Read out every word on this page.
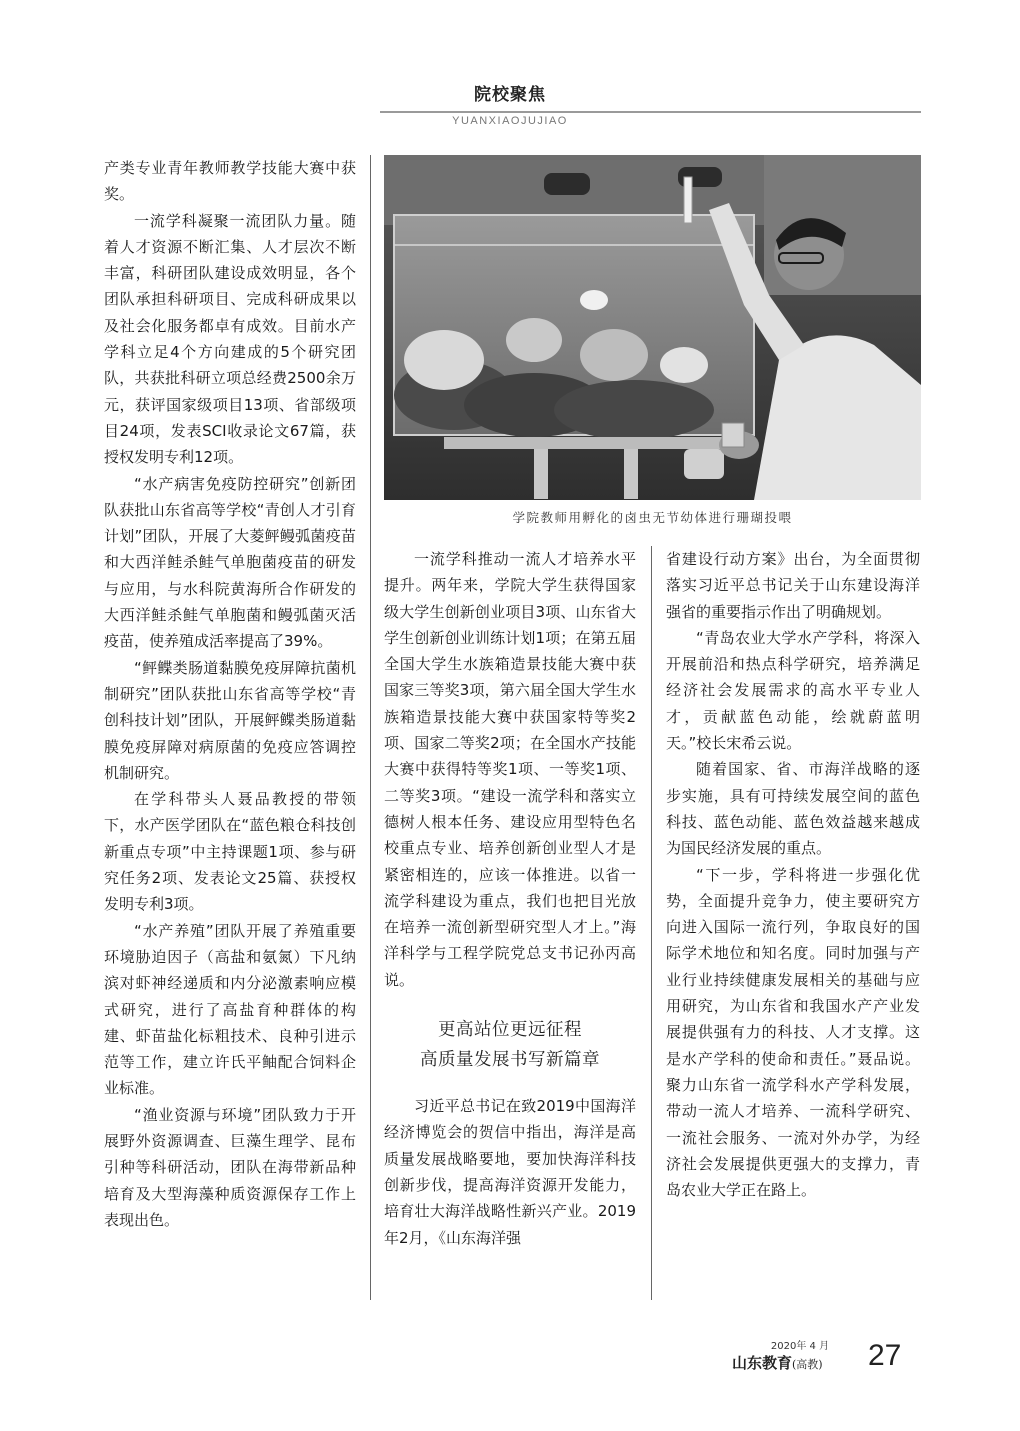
院校聚焦
YUANXIAOJUJIAO

产类专业青年教师教学技能大赛中获奖。

一流学科凝聚一流团队力量。随着人才资源不断汇集、人才层次不断丰富，科研团队建设成效明显，各个团队承担科研项目、完成科研成果以及社会化服务都卓有成效。目前水产学科立足4个方向建成的5个研究团队，共获批科研立项总经费2500余万元，获评国家级项目13项、省部级项目24项，发表SCI收录论文67篇，获授权发明专利12项。

“水产病害免疫防控研究”创新团队获批山东省高等学校“青创人才引育计划”团队，开展了大菱鲆鳗弧菌疫苗和大西洋鲑杀鲑气单胞菌疫苗的研发与应用，与水科院黄海所合作研发的大西洋鲑杀鲑气单胞菌和鳗弧菌灭活疫苗，使养殖成活率提高了39%。

“鲆鲽类肠道黏膜免疫屏障抗菌机制研究”团队获批山东省高等学校“青创科技计划”团队，开展鲆鲽类肠道黏膜免疫屏障对病原菌的免疫应答调控机制研究。

在学科带头人聂品教授的带领下，水产医学团队在“蓝色粮仓科技创新重点专项”中主持课题1项、参与研究任务2项、发表论文25篇、获授权发明专利3项。

“水产养殖”团队开展了养殖重要环境胁迫因子（高盐和氨氮）下凡纳滨对虾神经递质和内分泌激素响应模式研究，进行了高盐育种群体的构建、虾苗盐化标粗技术、良种引进示范等工作，建立许氏平鲉配合饲料企业标准。

“渔业资源与环境”团队致力于开展野外资源调查、巨藻生理学、昆布引种等科研活动，团队在海带新品种培育及大型海藻种质资源保存工作上表现出色。

学院教师用孵化的卤虫无节幼体进行珊瑚投喂

一流学科推动一流人才培养水平提升。两年来，学院大学生获得国家级大学生创新创业项目3项、山东省大学生创新创业训练计划1项；在第五届全国大学生水族箱造景技能大赛中获国家三等奖3项，第六届全国大学生水族箱造景技能大赛中获国家特等奖2项、国家二等奖2项；在全国水产技能大赛中获得特等奖1项、一等奖1项、二等奖3项。“建设一流学科和落实立德树人根本任务、建设应用型特色名校重点专业、培养创新创业型人才是紧密相连的，应该一体推进。以省一流学科建设为重点，我们也把目光放在培养一流创新型研究型人才上。”海洋科学与工程学院党总支书记孙丙高说。

更高站位更远征程
高质量发展书写新篇章

习近平总书记在致2019中国海洋经济博览会的贺信中指出，海洋是高质量发展战略要地，要加快海洋科技创新步伐，提高海洋资源开发能力，培育壮大海洋战略性新兴产业。2019年2月，《山东海洋强

省建设行动方案》出台，为全面贯彻落实习近平总书记关于山东建设海洋强省的重要指示作出了明确规划。

“青岛农业大学水产学科，将深入开展前沿和热点科学研究，培养满足经济社会发展需求的高水平专业人才，贡献蓝色动能，绘就蔚蓝明天。”校长宋希云说。

随着国家、省、市海洋战略的逐步实施，具有可持续发展空间的蓝色科技、蓝色动能、蓝色效益越来越成为国民经济发展的重点。

“下一步，学科将进一步强化优势，全面提升竞争力，使主要研究方向进入国际一流行列，争取良好的国际学术地位和知名度。同时加强与产业行业持续健康发展相关的基础与应用研究，为山东省和我国水产产业发展提供强有力的科技、人才支撑。这是水产学科的使命和责任。”聂品说。聚力山东省一流学科水产学科发展，带动一流人才培养、一流科学研究、一流社会服务、一流对外办学，为经济社会发展提供更强大的支撑力，青岛农业大学正在路上。

2020年 4 月
山东教育(高教) 27
